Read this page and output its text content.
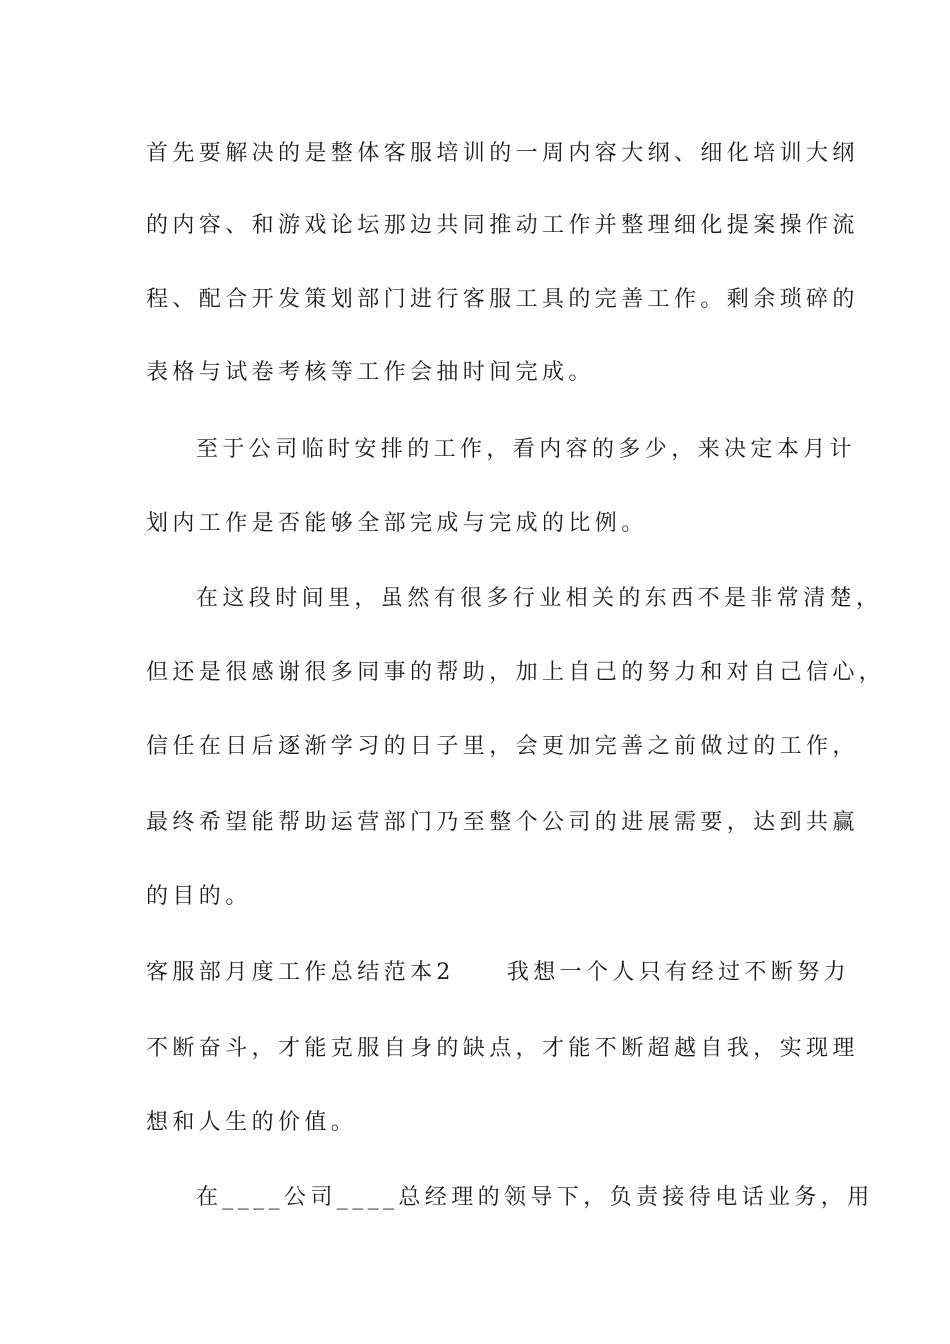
首先要解决的是整体客服培训的一周内容大纲、细化培训大纲
的内容、和游戏论坛那边共同推动工作并整理细化提案操作流
程、配合开发策划部门进行客服工具的完善工作。剩余琐碎的
表格与试卷考核等工作会抽时间完成。
至于公司临时安排的工作，看内容的多少，来决定本月计
划内工作是否能够全部完成与完成的比例。
在这段时间里，虽然有很多行业相关的东西不是非常清楚，
但还是很感谢很多同事的帮助，加上自己的努力和对自己信心，
信任在日后逐渐学习的日子里，会更加完善之前做过的工作，
最终希望能帮助运营部门乃至整个公司的进展需要，达到共赢
的目的。
客服部月度工作总结范本2 我想一个人只有经过不断努力
不断奋斗，才能克服自身的缺点，才能不断超越自我，实现理
想和人生的价值。
在____公司____总经理的领导下，负责接待电话业务，用
